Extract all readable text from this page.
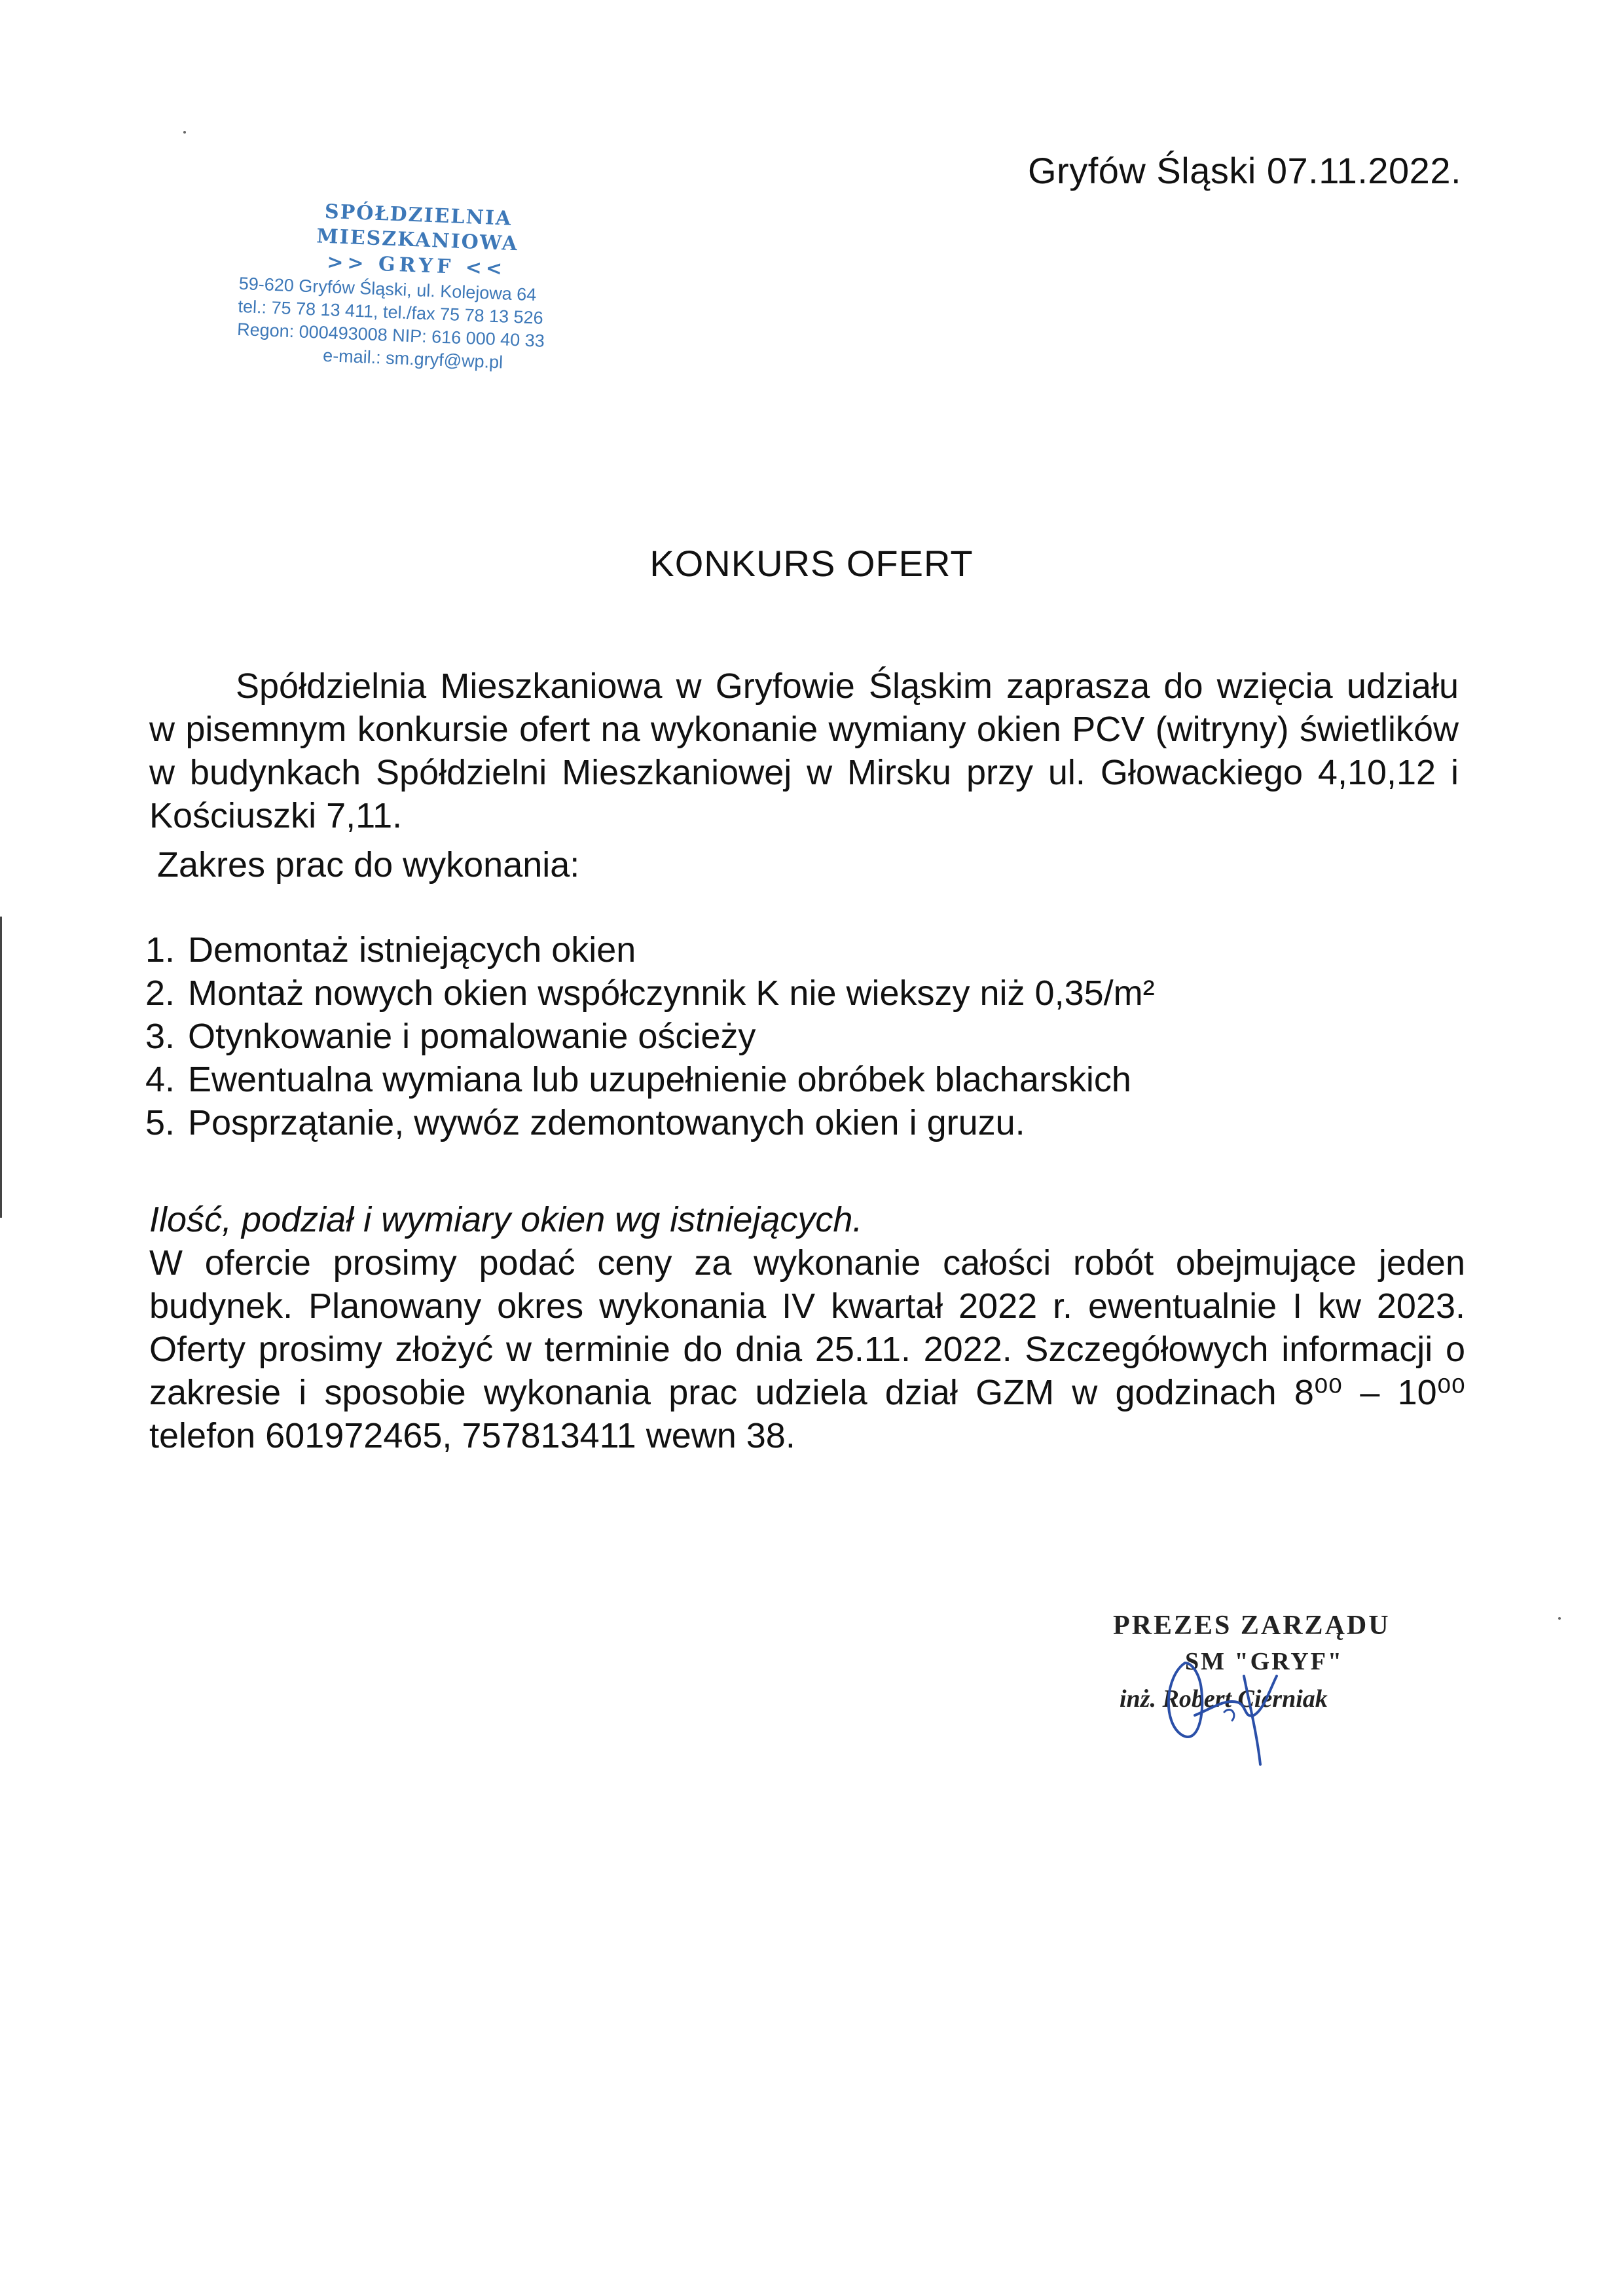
Gryfów Śląski 07.11.2022.
SPÓŁDZIELNIA MIESZKANIOWA
>> GRYF <<
59-620 Gryfów Śląski, ul. Kolejowa 64
tel.: 75 78 13 411, tel./fax 75 78 13 526
Regon: 000493008 NIP: 616 000 40 33
e-mail.: sm.gryf@wp.pl
KONKURS OFERT
Spółdzielnia Mieszkaniowa w Gryfowie Śląskim zaprasza do wzięcia udziału w pisemnym konkursie ofert na wykonanie wymiany okien PCV (witryny) świetlików w budynkach Spółdzielni Mieszkaniowej w Mirsku przy ul. Głowackiego 4,10,12 i Kościuszki 7,11.
Zakres prac do wykonania:
1. Demontaż istniejących okien
2. Montaż nowych okien współczynnik K nie wiekszy niż 0,35/m²
3. Otynkowanie i pomalowanie ościeży
4. Ewentualna wymiana lub uzupełnienie obróbek blacharskich
5. Posprzątanie, wywóz zdemontowanych okien i gruzu.
Ilość, podział i wymiary okien wg istniejących.
W ofercie prosimy podać ceny za wykonanie całości robót obejmujące jeden budynek. Planowany okres wykonania IV kwartał 2022 r. ewentualnie I kw 2023. Oferty prosimy złożyć w terminie do dnia 25.11. 2022. Szczegółowych informacji o zakresie i sposobie wykonania prac udziela dział GZM w godzinach 8⁰⁰ – 10⁰⁰ telefon 601972465, 757813411 wewn 38.
PREZES ZARZĄDU
SM "GRYF"
inż. Robert Cierniak
